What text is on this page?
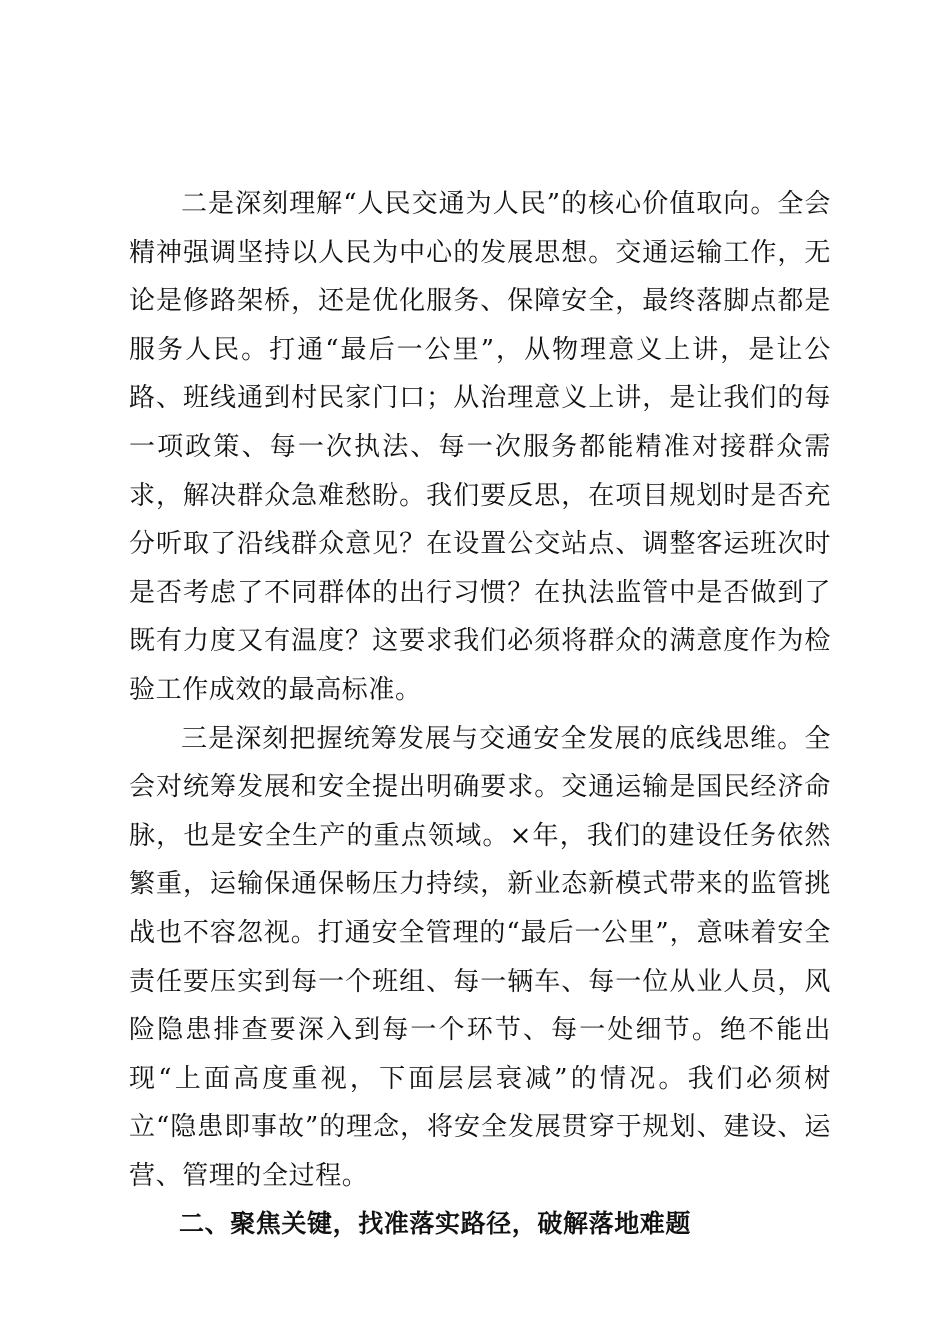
二是深刻理解“人民交通为人民”的核心价值取向。全会精神强调坚持以人民为中心的发展思想。交通运输工作，无论是修路架桥，还是优化服务、保障安全，最终落脚点都是服务人民。打通“最后一公里”，从物理意义上讲，是让公路、班线通到村民家门口；从治理意义上讲，是让我们的每一项政策、每一次执法、每一次服务都能精准对接群众需求，解决群众急难愁盼。我们要反思，在项目规划时是否充分听取了沿线群众意见？在设置公交站点、调整客运班次时是否考虑了不同群体的出行习惯？在执法监管中是否做到了既有力度又有温度？这要求我们必须将群众的满意度作为检验工作成效的最高标准。

三是深刻把握统筹发展与交通安全发展的底线思维。全会对统筹发展和安全提出明确要求。交通运输是国民经济命脉，也是安全生产的重点领域。×年，我们的建设任务依然繁重，运输保通保畅压力持续，新业态新模式带来的监管挑战也不容忽视。打通安全管理的“最后一公里”，意味着安全责任要压实到每一个班组、每一辆车、每一位从业人员，风险隐患排查要深入到每一个环节、每一处细节。绝不能出现“上面高度重视，下面层层衰减”的情况。我们必须树立“隐患即事故”的理念，将安全发展贯穿于规划、建设、运营、管理的全过程。

二、聚焦关键，找准落实路径，破解落地难题
